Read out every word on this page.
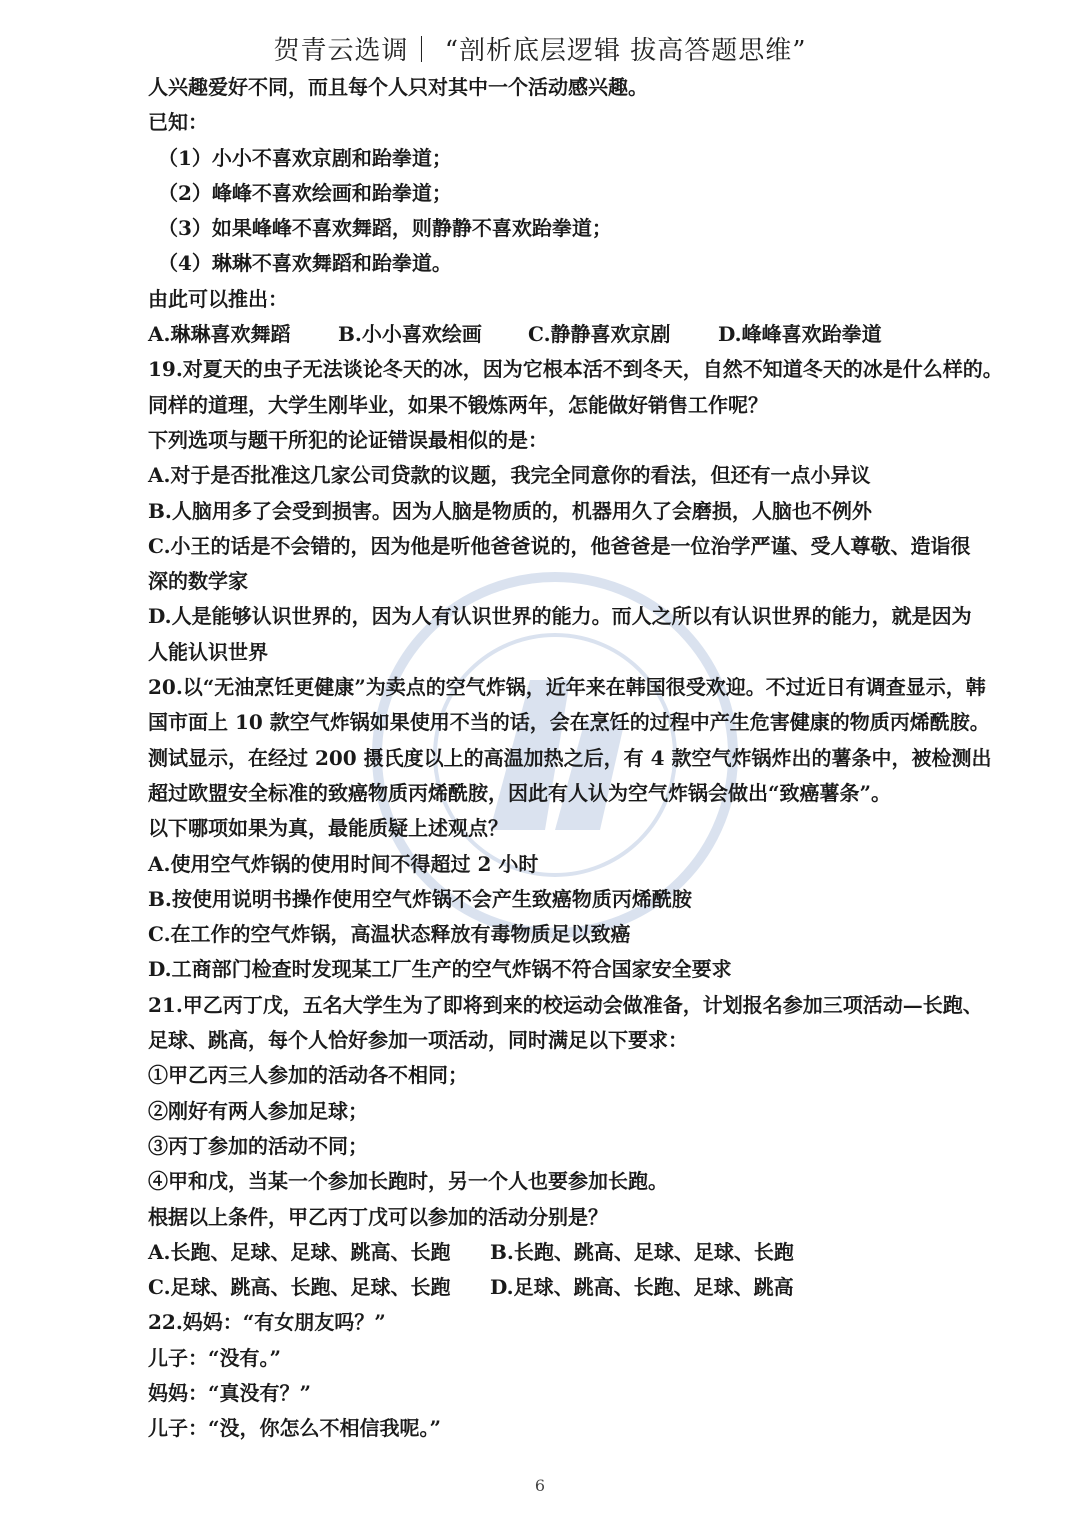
贺青云选调｜ “剖析底层逻辑 拔高答题思维”
人兴趣爱好不同，而且每个人只对其中一个活动感兴趣。
已知：
（1）小小不喜欢京剧和跆拳道；
（2）峰峰不喜欢绘画和跆拳道；
（3）如果峰峰不喜欢舞蹈，则静静不喜欢跆拳道；
（4）琳琳不喜欢舞蹈和跆拳道。
由此可以推出：
A.琳琳喜欢舞蹈	B.小小喜欢绘画	C.静静喜欢京剧	D.峰峰喜欢跆拳道
19.对夏天的虫子无法谈论冬天的冰，因为它根本活不到冬天，自然不知道冬天的冰是什么样的。
同样的道理，大学生刚毕业，如果不锻炼两年，怎能做好销售工作呢？
下列选项与题干所犯的论证错误最相似的是：
A.对于是否批准这几家公司贷款的议题，我完全同意你的看法，但还有一点小异议
B.人脑用多了会受到损害。因为人脑是物质的，机器用久了会磨损，人脑也不例外
C.小王的话是不会错的，因为他是听他爸爸说的，他爸爸是一位治学严谨、受人尊敬、造诣很
深的数学家
D.人是能够认识世界的，因为人有认识世界的能力。而人之所以有认识世界的能力，就是因为
人能认识世界
20.以“无油烹饪更健康”为卖点的空气炸锅，近年来在韩国很受欢迎。不过近日有调查显示，韩
国市面上 10 款空气炸锅如果使用不当的话，会在烹饪的过程中产生危害健康的物质丙烯酰胺。
测试显示，在经过 200 摄氏度以上的高温加热之后，有 4 款空气炸锅炸出的薯条中，被检测出
超过欧盟安全标准的致癌物质丙烯酰胺，因此有人认为空气炸锅会做出“致癌薯条”。
以下哪项如果为真，最能质疑上述观点？
A.使用空气炸锅的使用时间不得超过 2 小时
B.按使用说明书操作使用空气炸锅不会产生致癌物质丙烯酰胺
C.在工作的空气炸锅，高温状态释放有毒物质足以致癌
D.工商部门检查时发现某工厂生产的空气炸锅不符合国家安全要求
21.甲乙丙丁戊，五名大学生为了即将到来的校运动会做准备，计划报名参加三项活动—长跑、
足球、跳高，每个人恰好参加一项活动，同时满足以下要求：
①甲乙丙三人参加的活动各不相同；
②刚好有两人参加足球；
③丙丁参加的活动不同；
④甲和戊，当某一个参加长跑时，另一个人也要参加长跑。
根据以上条件，甲乙丙丁戊可以参加的活动分别是？
A.长跑、足球、足球、跳高、长跑	B.长跑、跳高、足球、足球、长跑
C.足球、跳高、长跑、足球、长跑	D.足球、跳高、长跑、足球、跳高
22.妈妈：“有女朋友吗？”
儿子：“没有。”
妈妈：“真没有？”
儿子：“没，你怎么不相信我呢。”
6
